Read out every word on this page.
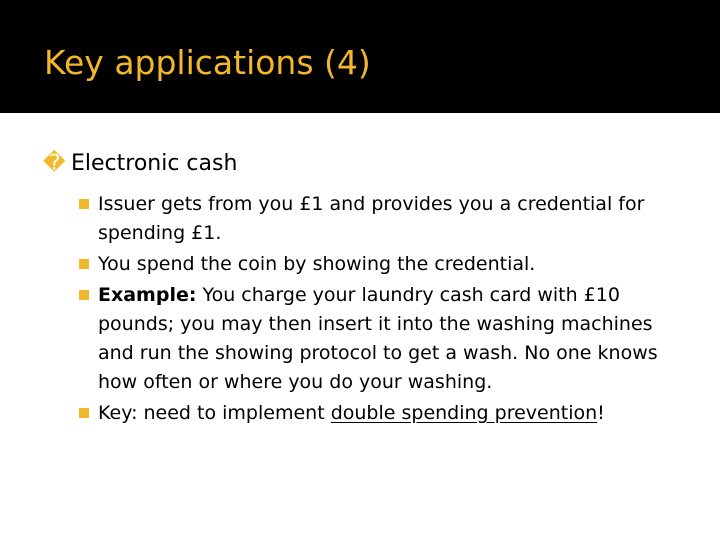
Key applications (4)
� Electronic cash
Issuer gets from you £1 and provides you a credential for spending £1.
You spend the coin by showing the credential.
Example: You charge your laundry cash card with £10 pounds; you may then insert it into the washing machines and run the showing protocol to get a wash. No one knows how often or where you do your washing.
Key: need to implement double spending prevention!
